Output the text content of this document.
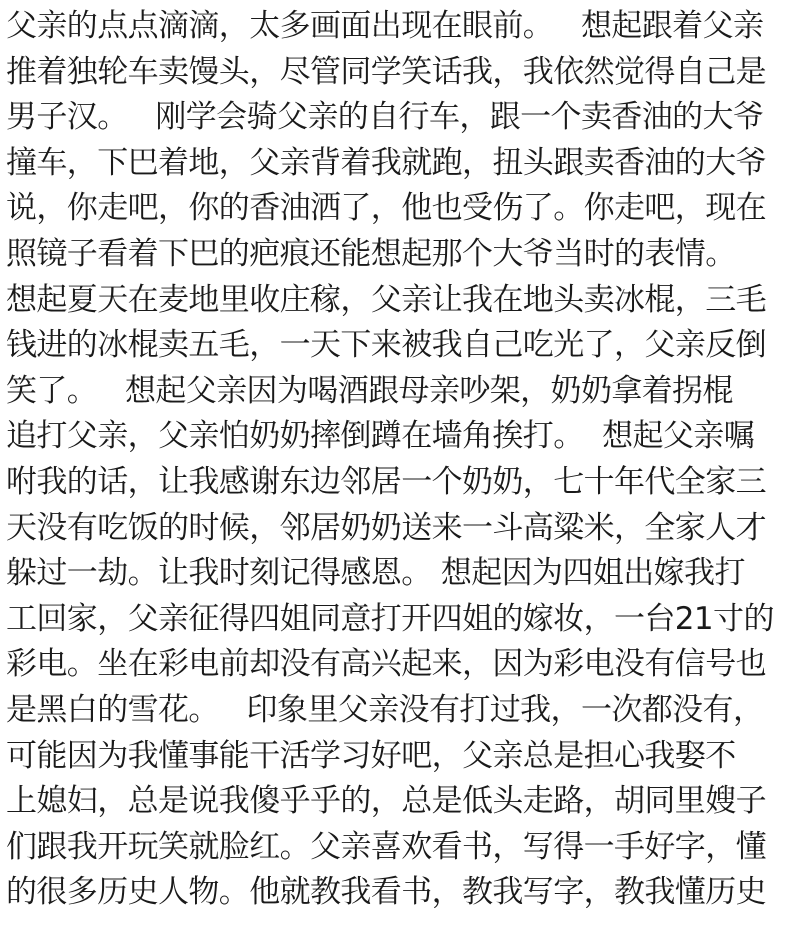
父亲的点点滴滴，太多画面出现在眼前。   想起跟着父亲
推着独轮车卖馒头，尽管同学笑话我，我依然觉得自己是
男子汉。   刚学会骑父亲的自行车，跟一个卖香油的大爷
撞车，下巴着地，父亲背着我就跑，扭头跟卖香油的大爷
说，你走吧，你的香油洒了，他也受伤了。你走吧，现在
照镜子看着下巴的疤痕还能想起那个大爷当时的表情。
想起夏天在麦地里收庄稼，父亲让我在地头卖冰棍，三毛
钱进的冰棍卖五毛，一天下来被我自己吃光了，父亲反倒
笑了。   想起父亲因为喝酒跟母亲吵架，奶奶拿着拐棍
追打父亲，父亲怕奶奶摔倒蹲在墙角挨打。  想起父亲嘱
咐我的话，让我感谢东边邻居一个奶奶，七十年代全家三
天没有吃饭的时候，邻居奶奶送来一斗高粱米，全家人才
躲过一劫。让我时刻记得感恩。 想起因为四姐出嫁我打
工回家，父亲征得四姐同意打开四姐的嫁妆，一台21寸的
彩电。坐在彩电前却没有高兴起来，因为彩电没有信号也
是黑白的雪花。   印象里父亲没有打过我，一次都没有，
可能因为我懂事能干活学习好吧，父亲总是担心我娶不
上媳妇，总是说我傻乎乎的，总是低头走路，胡同里嫂子
们跟我开玩笑就脸红。父亲喜欢看书，写得一手好字，懂
的很多历史人物。他就教我看书，教我写字，教我懂历史
